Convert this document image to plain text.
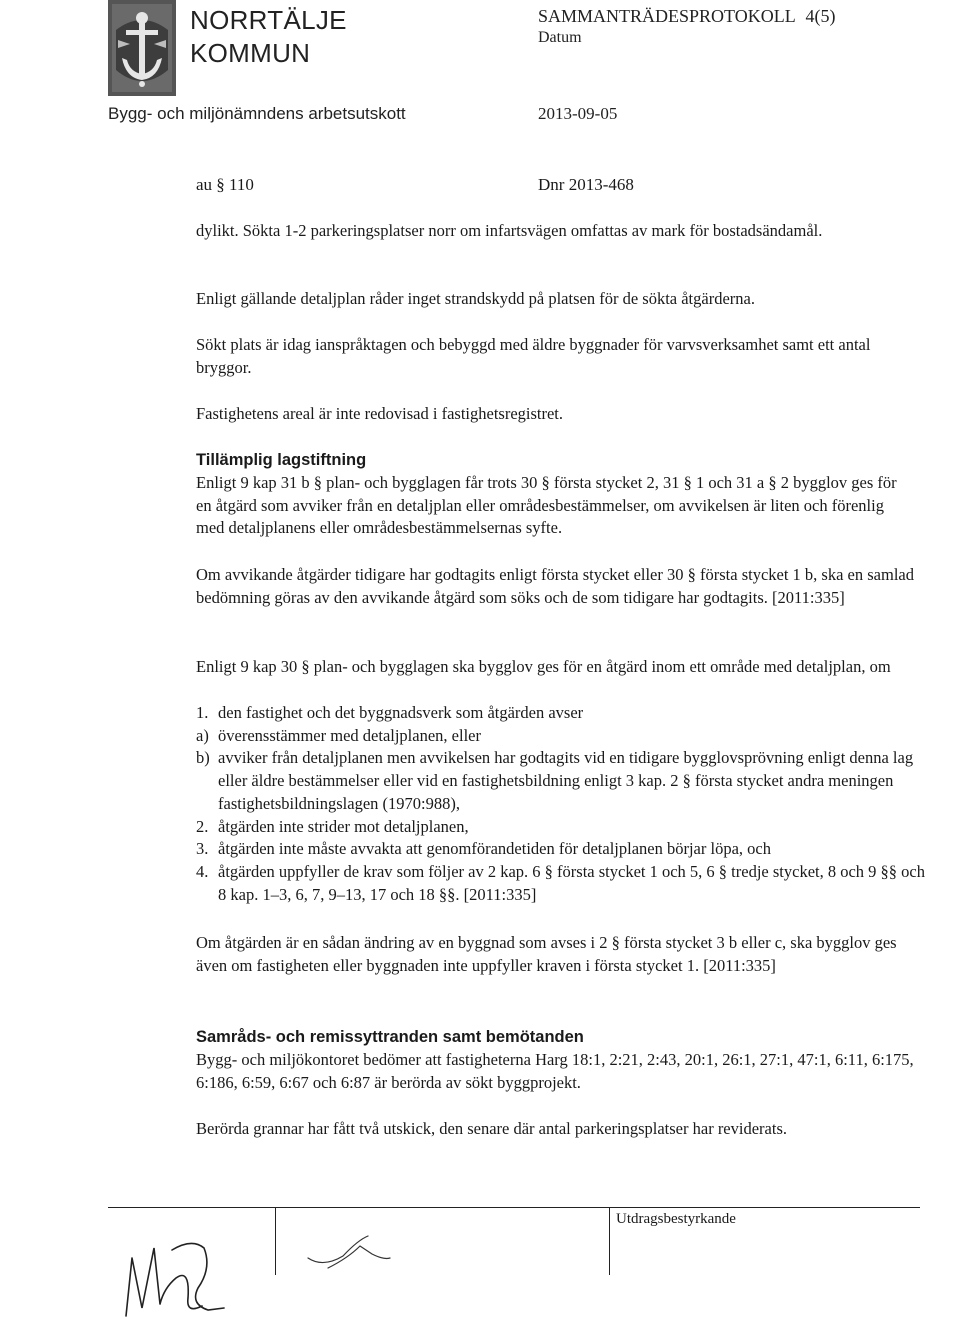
NORRTÄLJE
KOMMUN
SAMMANTRÄDESPROTOKOLL 4(5)
Datum
Bygg- och miljönämndens arbetsutskott	2013-09-05
au § 110	Dnr 2013-468
dylikt. Sökta 1-2 parkeringsplatser norr om infartsvägen omfattas av mark för bostadsändamål.
Enligt gällande detaljplan råder inget strandskydd på platsen för de sökta åtgärderna.
Sökt plats är idag ianspråktagen och bebyggd med äldre byggnader för varvsverksamhet samt ett antal bryggor.
Fastighetens areal är inte redovisad i fastighetsregistret.
Tillämplig lagstiftning
Enligt 9 kap 31 b § plan- och bygglagen får trots 30 § första stycket 2, 31 § 1 och 31 a § 2 bygglov ges för en åtgärd som avviker från en detaljplan eller områdesbestämmelser, om avvikelsen är liten och förenlig med detaljplanens eller områdesbestämmelsernas syfte.
Om avvikande åtgärder tidigare har godtagits enligt första stycket eller 30 § första stycket 1 b, ska en samlad bedömning göras av den avvikande åtgärd som söks och de som tidigare har godtagits. [2011:335]
Enligt 9 kap 30 § plan- och bygglagen ska bygglov ges för en åtgärd inom ett område med detaljplan, om
1. den fastighet och det byggnadsverk som åtgärden avser
a) överensstämmer med detaljplanen, eller
b) avviker från detaljplanen men avvikelsen har godtagits vid en tidigare bygglovsprövning enligt denna lag eller äldre bestämmelser eller vid en fastighetsbildning enligt 3 kap. 2 § första stycket andra meningen fastighetsbildningslagen (1970:988),
2. åtgärden inte strider mot detaljplanen,
3. åtgärden inte måste avvakta att genomförandetiden för detaljplanen börjar löpa, och
4. åtgärden uppfyller de krav som följer av 2 kap. 6 § första stycket 1 och 5, 6 § tredje stycket, 8 och 9 §§ och 8 kap. 1–3, 6, 7, 9–13, 17 och 18 §§. [2011:335]
Om åtgärden är en sådan ändring av en byggnad som avses i 2 § första stycket 3 b eller c, ska bygglov ges även om fastigheten eller byggnaden inte uppfyller kraven i första stycket 1. [2011:335]
Samråds- och remissyttranden samt bemötanden
Bygg- och miljökontoret bedömer att fastigheterna Harg 18:1, 2:21, 2:43, 20:1, 26:1, 27:1, 47:1, 6:11, 6:175, 6:186, 6:59, 6:67 och 6:87 är berörda av sökt byggprojekt.
Berörda grannar har fått två utskick, den senare där antal parkeringsplatser har reviderats.
Utdragsbestyrkande
